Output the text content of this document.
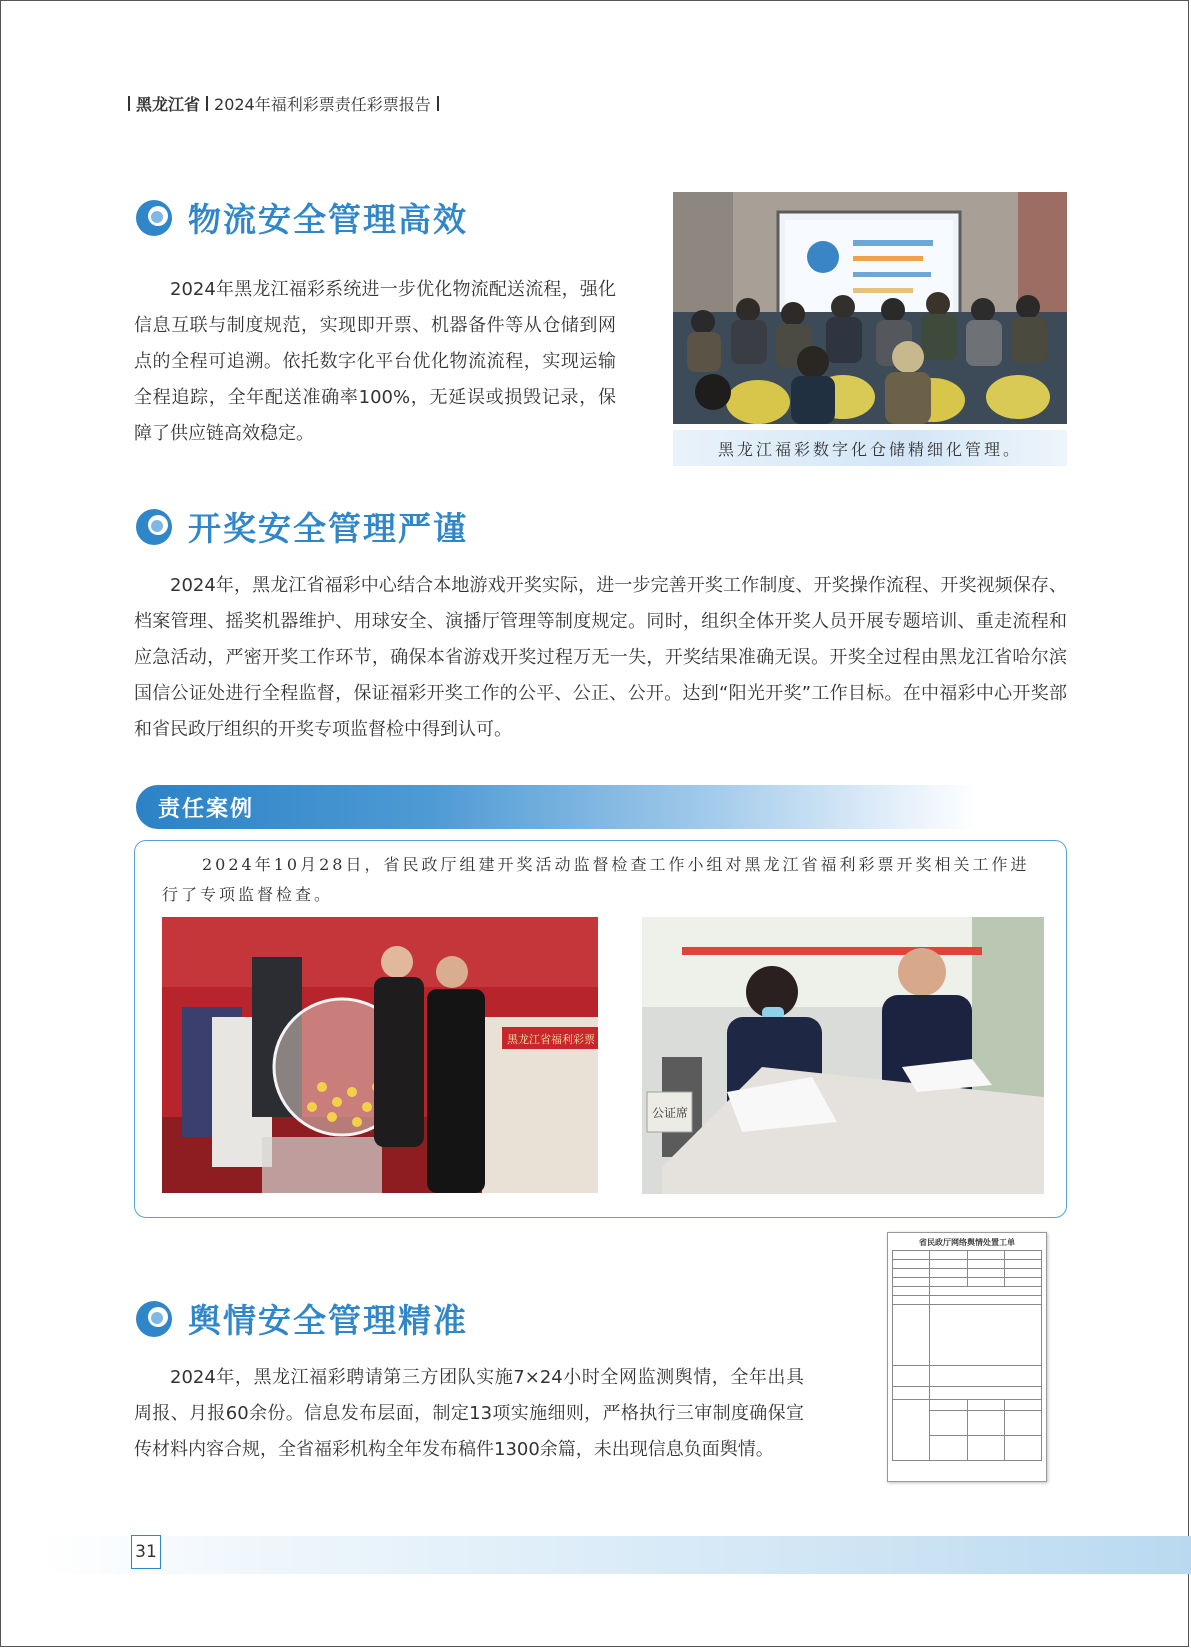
黑龙江省 2024年福利彩票责任彩票报告
物流安全管理高效

2024年黑龙江福彩系统进一步优化物流配送流程，强化信息互联与制度规范，实现即开票、机器备件等从仓储到网点的全程可追溯。依托数字化平台优化物流流程，实现运输全程追踪，全年配送准确率100%，无延误或损毁记录，保障了供应链高效稳定。

黑龙江福彩数字化仓储精细化管理。
开奖安全管理严谨

2024年，黑龙江省福彩中心结合本地游戏开奖实际，进一步完善开奖工作制度、开奖操作流程、开奖视频保存、档案管理、摇奖机器维护、用球安全、演播厅管理等制度规定。同时，组织全体开奖人员开展专题培训、重走流程和应急活动，严密开奖工作环节，确保本省游戏开奖过程万无一失，开奖结果准确无误。开奖全过程由黑龙江省哈尔滨国信公证处进行全程监督，保证福彩开奖工作的公平、公正、公开。达到“阳光开奖”工作目标。在中福彩中心开奖部和省民政厅组织的开奖专项监督检中得到认可。

责任案例

2024年10月28日，省民政厅组建开奖活动监督检查工作小组对黑龙江省福利彩票开奖相关工作进行了专项监督检查。

黑龙江省福利彩票
公证席
省民政厅网络舆情处置工单

舆情安全管理精准

2024年，黑龙江福彩聘请第三方团队实施7×24小时全网监测舆情，全年出具周报、月报60余份。信息发布层面，制定13项实施细则，严格执行三审制度确保宣传材料内容合规，全省福彩机构全年发布稿件1300余篇，未出现信息负面舆情。

31
